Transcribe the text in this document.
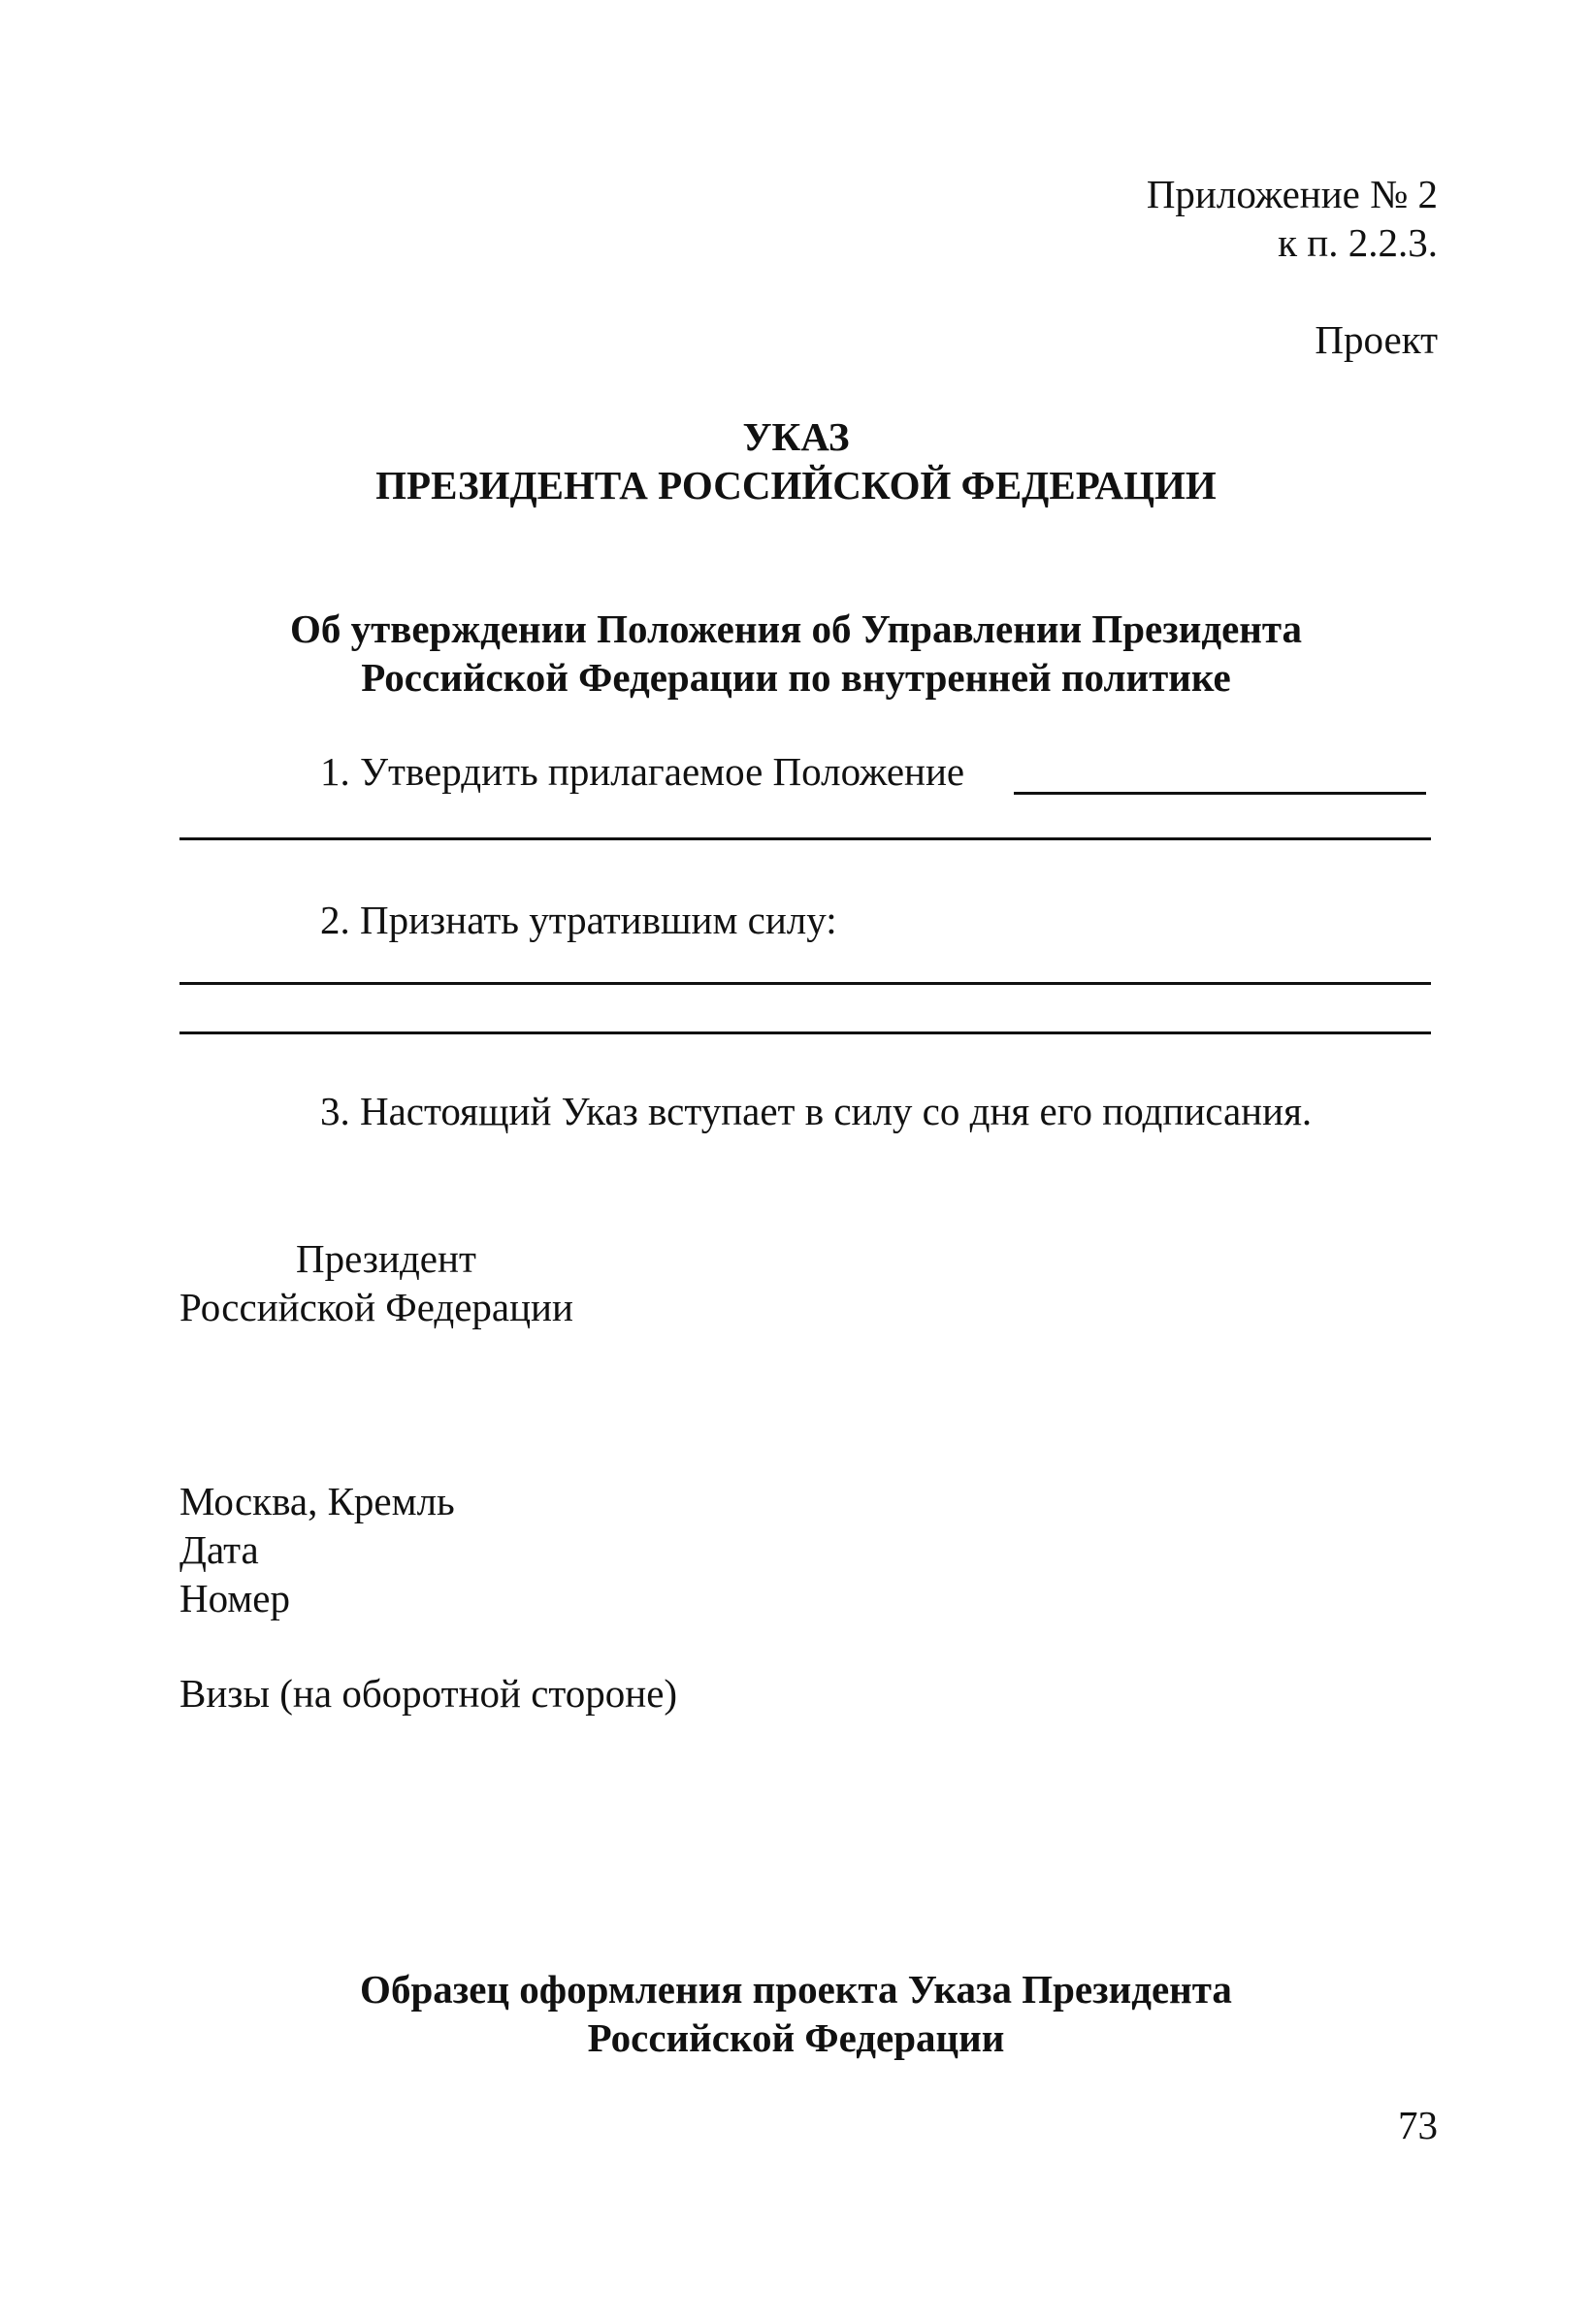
Приложение № 2
к п. 2.2.3.
Проект
УКАЗ
ПРЕЗИДЕНТА РОССИЙСКОЙ ФЕДЕРАЦИИ
Об утверждении Положения об Управлении Президента
Российской Федерации по внутренней политике
1. Утвердить прилагаемое Положение
2. Признать утратившим силу:
3. Настоящий Указ вступает в силу со дня его подписания.
Президент
Российской Федерации
Москва, Кремль
Дата
Номер
Визы (на оборотной стороне)
Образец оформления проекта Указа Президента
Российской Федерации
73
